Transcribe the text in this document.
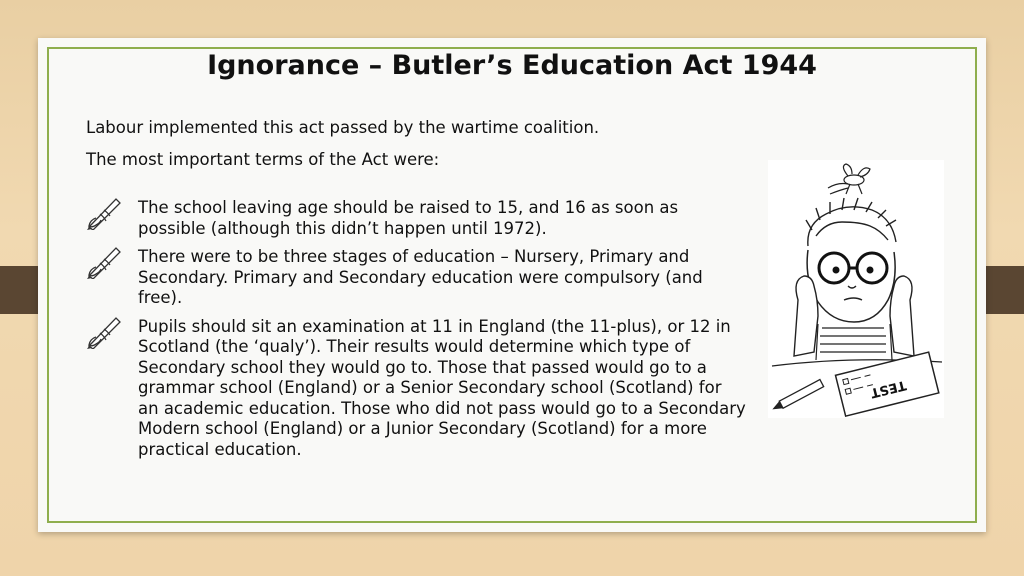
Ignorance – Butler’s Education Act 1944
Labour implemented this act passed by the wartime coalition.
The most important terms of the Act were:
The school leaving age should be raised to 15, and 16 as soon as possible (although this didn’t happen until 1972).
There were to be three stages of education – Nursery, Primary and Secondary. Primary and Secondary education were compulsory (and free).
Pupils should sit an examination at 11 in England (the 11-plus), or 12 in Scotland (the ‘qualy’). Their results would determine which type of Secondary school they would go to. Those that passed would go to a grammar school (England) or a Senior Secondary school (Scotland) for an academic education. Those who did not pass would go to a Secondary Modern school (England) or a Junior Secondary (Scotland) for a more practical education.
TEST
